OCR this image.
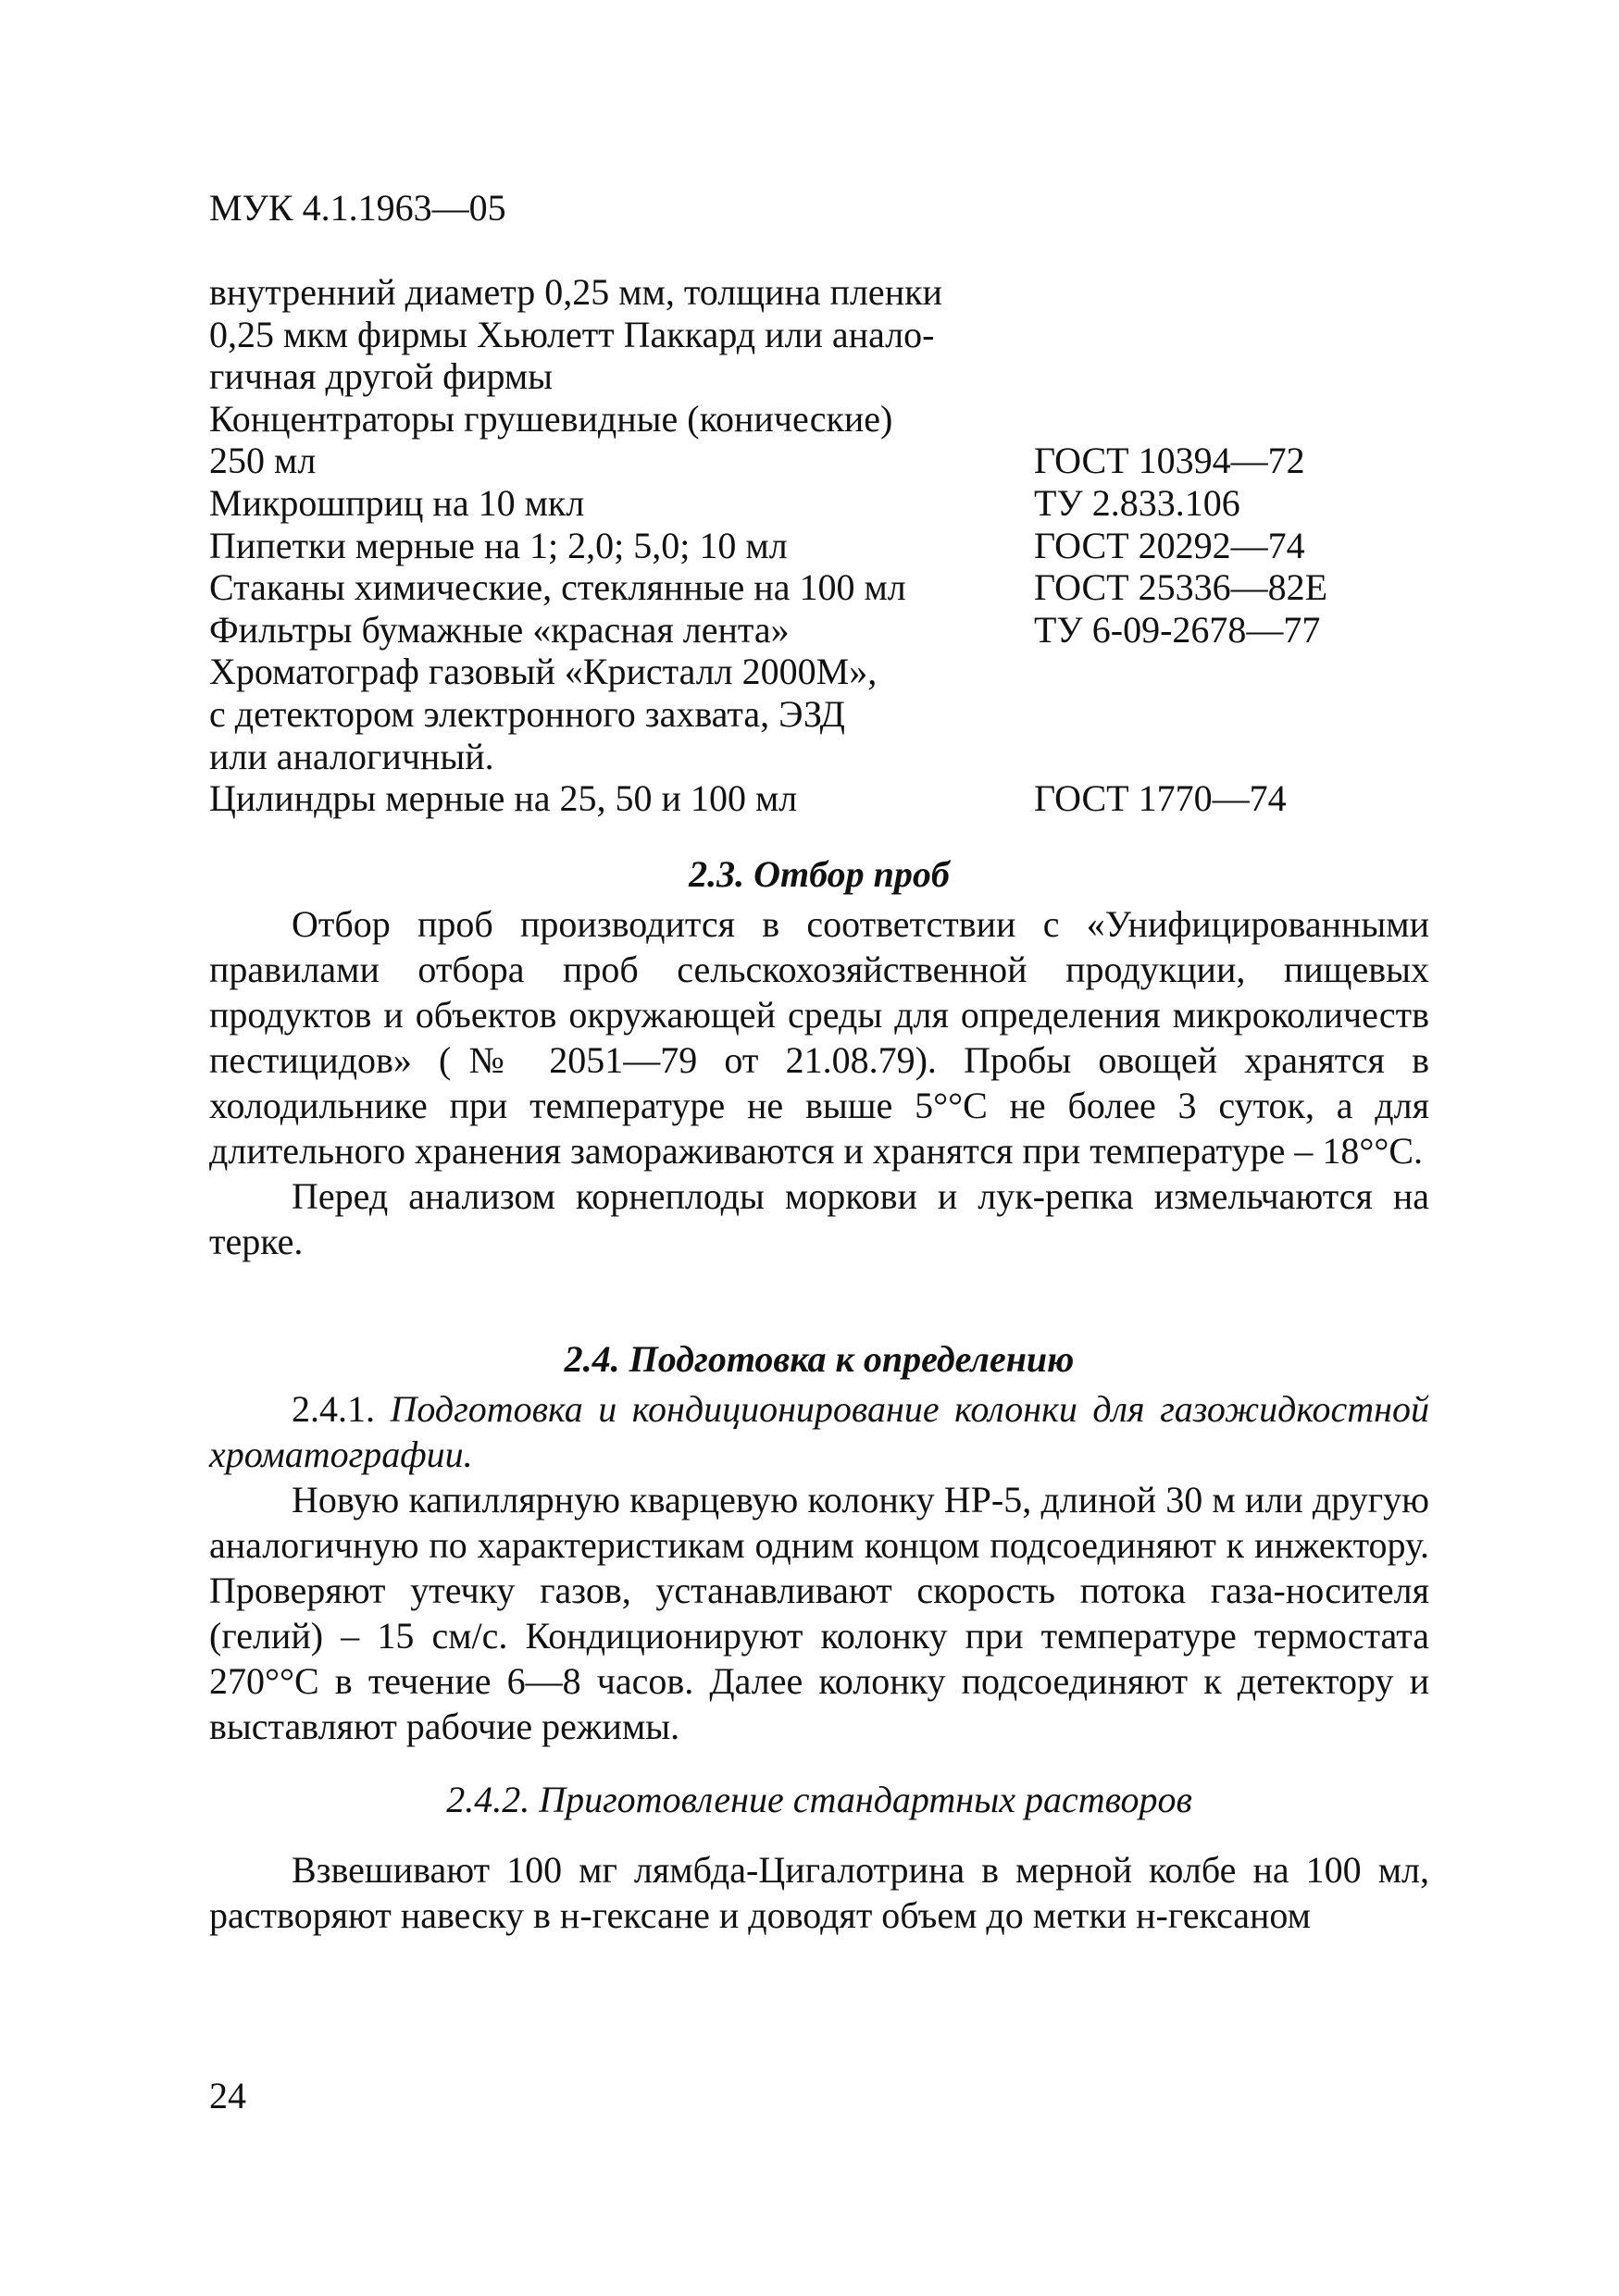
МУК 4.1.1963—05

внутренний диаметр 0,25 мм, толщина пленки
0,25 мкм фирмы Хьюлетт Паккард или анало-
гичная другой фирмы
Концентраторы грушевидные (конические)
250 мл	ГОСТ 10394—72
Микрошприц на 10 мкл	ТУ 2.833.106
Пипетки мерные на 1; 2,0; 5,0; 10 мл	ГОСТ 20292—74
Стаканы химические, стеклянные на 100 мл	ГОСТ 25336—82Е
Фильтры бумажные «красная лента»	ТУ 6-09-2678—77
Хроматограф газовый «Кристалл 2000М»,
с детектором электронного захвата, ЭЗД
или аналогичный.
Цилиндры мерные на 25, 50 и 100 мл	ГОСТ 1770—74
2.3. Отбор проб

Отбор проб производится в соответствии с «Унифицированными правилами отбора проб сельскохозяйственной продукции, пищевых продуктов и объектов окружающей среды для определения микроколичеств пестицидов» (№ 2051—79 от 21.08.79). Пробы овощей хранятся в холодильнике при температуре не выше 5°°С не более 3 суток, а для длительного хранения замораживаются и хранятся при температуре – 18°°С.

Перед анализом корнеплоды моркови и лук-репка измельчаются на терке.

2.4. Подготовка к определению

2.4.1. Подготовка и кондиционирование колонки для газожидкостной хроматографии.

Новую капиллярную кварцевую колонку НР-5, длиной 30 м или другую аналогичную по характеристикам одним концом подсоединяют к инжектору. Проверяют утечку газов, устанавливают скорость потока газа-носителя (гелий) – 15 см/с. Кондиционируют колонку при температуре термостата 270°°С в течение 6—8 часов. Далее колонку подсоединяют к детектору и выставляют рабочие режимы.

2.4.2. Приготовление стандартных растворов

Взвешивают 100 мг лямбда-Цигалотрина в мерной колбе на 100 мл, растворяют навеску в н-гексане и доводят объем до метки н-гексаном

24
